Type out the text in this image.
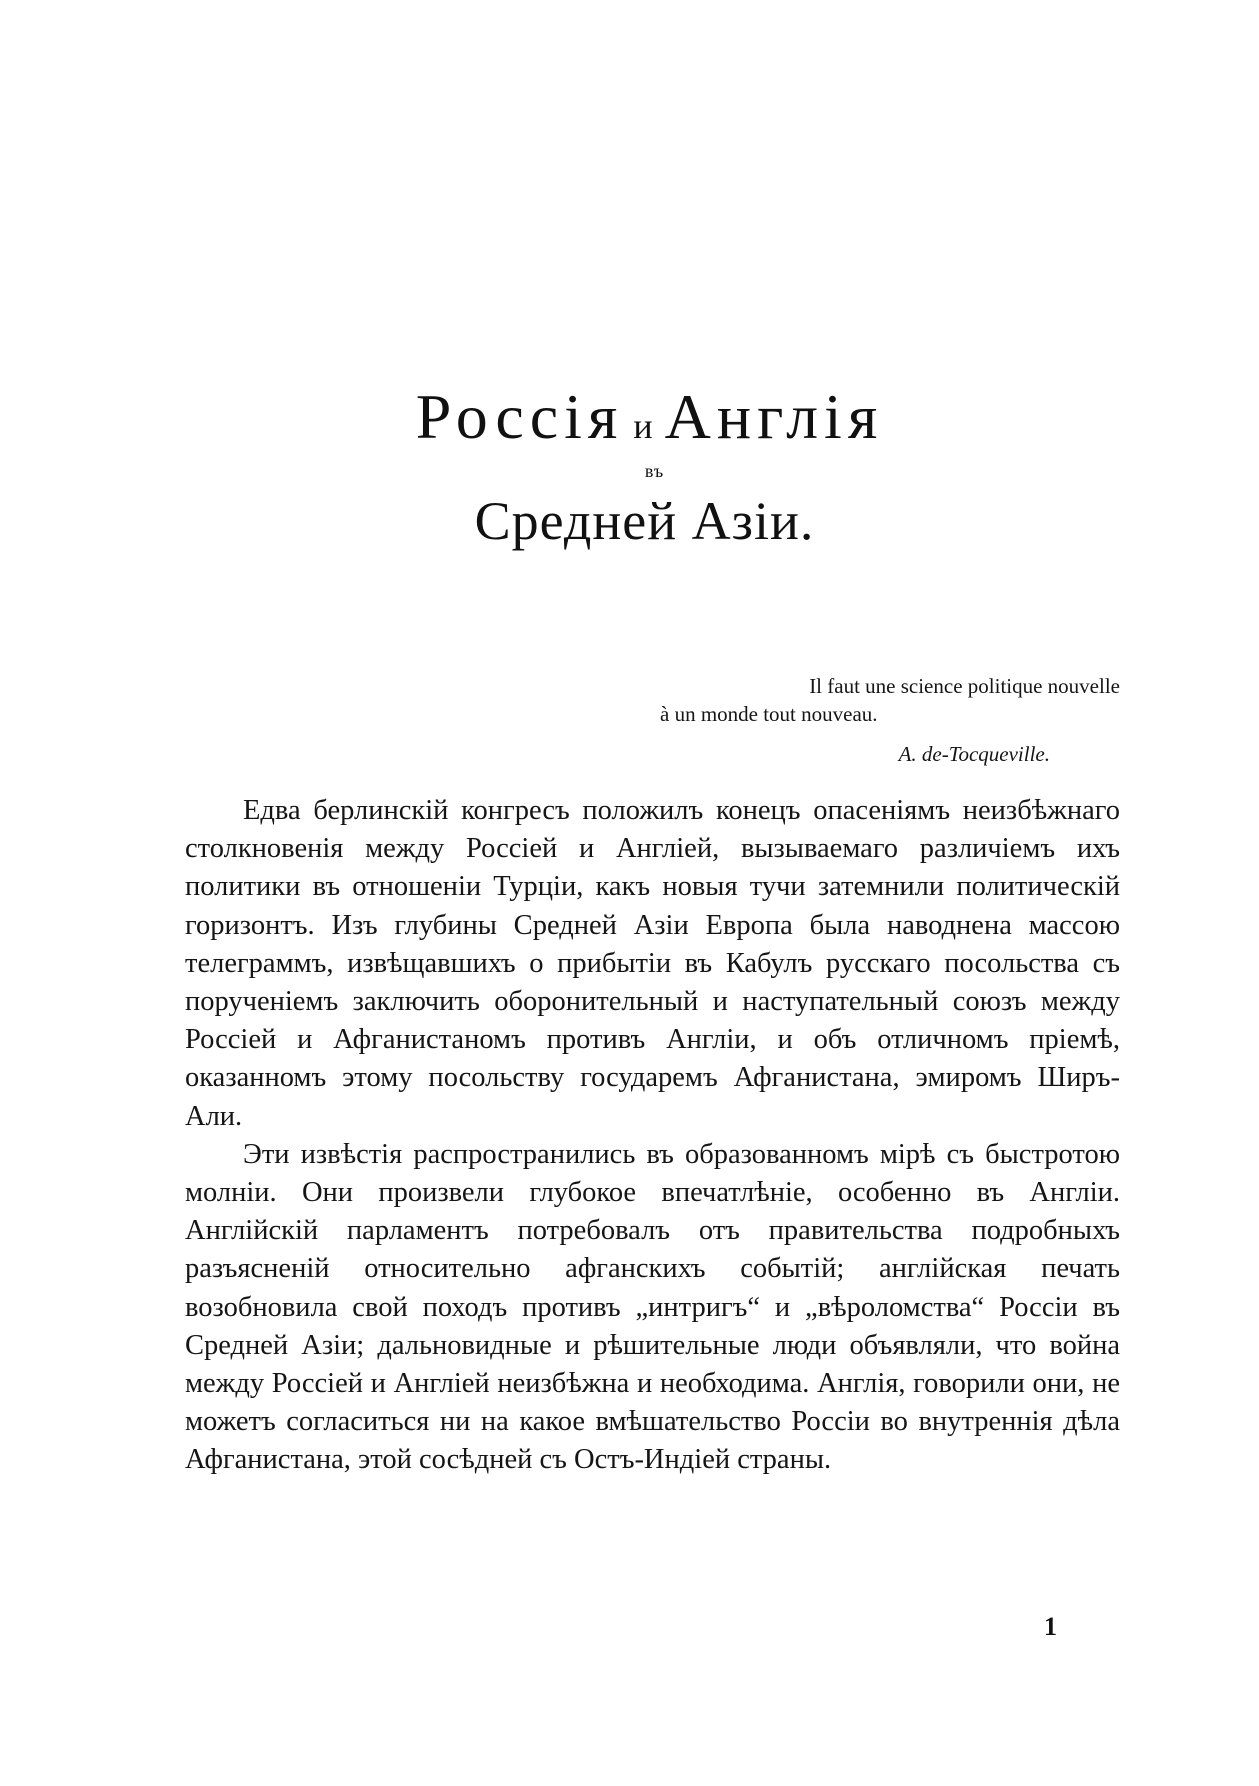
Россія и Англія
въ
Средней Азіи.
Il faut une science politique nouvelle
à un monde tout nouveau.
A. de-Tocqueville.

Едва берлинскій конгресъ положилъ конецъ опасеніямъ неизбѣжнаго столкновенія между Россіей и Англіей, вызываемаго различіемъ ихъ политики въ отношеніи Турціи, какъ новыя тучи затемнили политическій горизонтъ. Изъ глубины Средней Азіи Европа была наводнена массою телеграммъ, извѣщавшихъ о прибытіи въ Кабулъ русскаго посольства съ порученіемъ заключить оборонительный и наступательный союзъ между Россіей и Афганистаномъ противъ Англіи, и объ отличномъ пріемѣ, оказанномъ этому посольству государемъ Афганистана, эмиромъ Ширъ-Али.

Эти извѣстія распространились въ образованномъ мірѣ съ быстротою молніи. Они произвели глубокое впечатлѣніе, особенно въ Англіи. Англійскій парламентъ потребовалъ отъ правительства подробныхъ разъясненій относительно афганскихъ событій; англійская печать возобновила свой походъ противъ „интригъ“ и „вѣроломства“ Россіи въ Средней Азіи; дальновидные и рѣшительные люди объявляли, что война между Россіей и Англіей неизбѣжна и необходима. Англія, говорили они, не можетъ согласиться ни на какое вмѣшательство Россіи во внутреннія дѣла Афганистана, этой сосѣдней съ Остъ-Индіей страны.

1
